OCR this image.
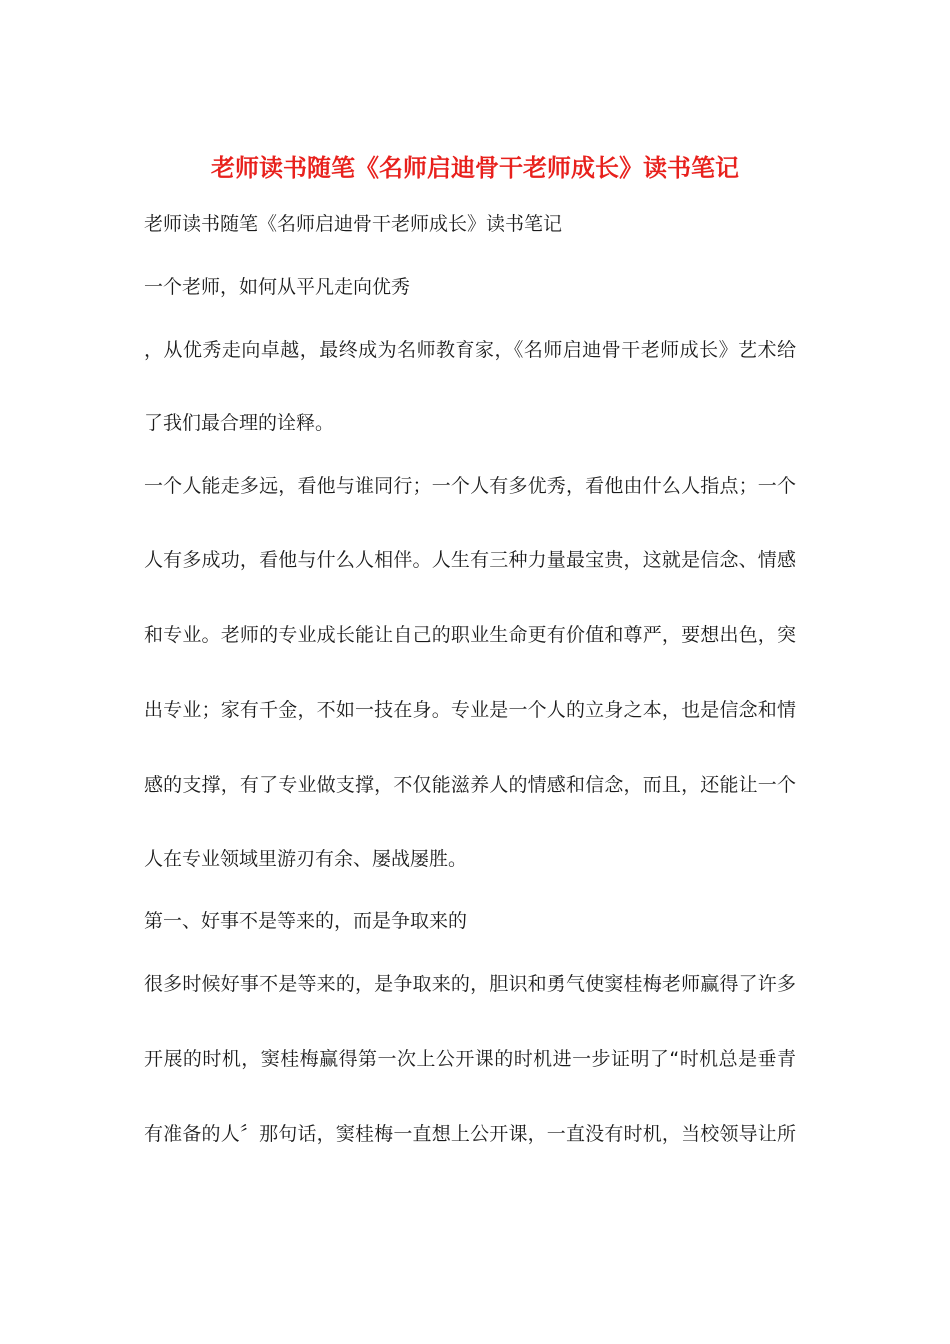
老师读书随笔《名师启迪骨干老师成长》读书笔记
老师读书随笔《名师启迪骨干老师成长》读书笔记
一个老师，如何从平凡走向优秀
，从优秀走向卓越，最终成为名师教育家，《名师启迪骨干老师成长》艺术给
了我们最合理的诠释。
一个人能走多远，看他与谁同行；一个人有多优秀，看他由什么人指点；一个
人有多成功，看他与什么人相伴。人生有三种力量最宝贵，这就是信念、情感
和专业。老师的专业成长能让自己的职业生命更有价值和尊严，要想出色，突
出专业；家有千金，不如一技在身。专业是一个人的立身之本，也是信念和情
感的支撑，有了专业做支撑，不仅能滋养人的情感和信念，而且，还能让一个
人在专业领域里游刃有余、屡战屡胜。
第一、好事不是等来的，而是争取来的
很多时候好事不是等来的，是争取来的，胆识和勇气使窦桂梅老师赢得了许多
开展的时机，窦桂梅赢得第一次上公开课的时机进一步证明了“时机总是垂青
有准备的人〞那句话，窦桂梅一直想上公开课，一直没有时机，当校领导让所
